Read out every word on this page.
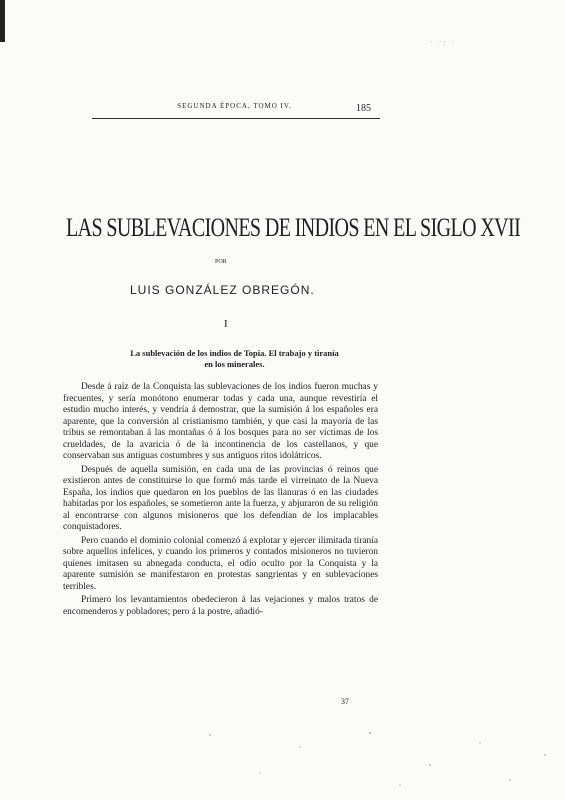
· ·: ·
SEGUNDA ÉPOCA, TOMO IV.	185
LAS SUBLEVACIONES DE INDIOS EN EL SIGLO XVII
POR
LUIS GONZÁLEZ OBREGÓN.
I

La sublevación de los indios de Topia. El trabajo y tiranía

en los minerales.

Desde á raíz de la Conquista las sublevaciones de los indios fueron muchas y frecuentes, y sería monótono enumerar todas y cada una, aunque revestiría el estudio mucho interés, y vendría á demostrar, que la sumisión á los españoles era aparente, que la conversión al cristianismo también, y que casi la mayoría de las tribus se remontaban á las montañas ó á los bosques para no ser víctimas de los crueldades, de la avaricia ó de la incontinencia de los castellanos, y que conservaban sus antiguas costumbres y sus antiguos ritos idolátricos.

Después de aquella sumisión, en cada una de las provincias ó reinos que existieron antes de constituirse lo que formó más tarde el virreinato de la Nueva España, los indios que quedaron en los pueblos de las llanuras ó en las ciudades habitadas por los españoles, se sometieron ante la fuerza, y abjuraron de su religión al encontrarse con algunos misioneros que los defendían de los implacables conquistadores.

Pero cuando el dominio colonial comenzó á explotar y ejercer ilimitada tiranía sobre aquellos infelices, y cuando los primeros y contados misioneros no tuvieron quienes imitasen su abnegada conducta, el odio oculto por la Conquista y la aparente sumisión se manifestaron en protestas sangrientas y en sublevaciones terribles.

Primero los levantamientos obedecieron á las vejaciones y malos tratos de encomenderos y pobladores; pero á la postre, añadió-

37
